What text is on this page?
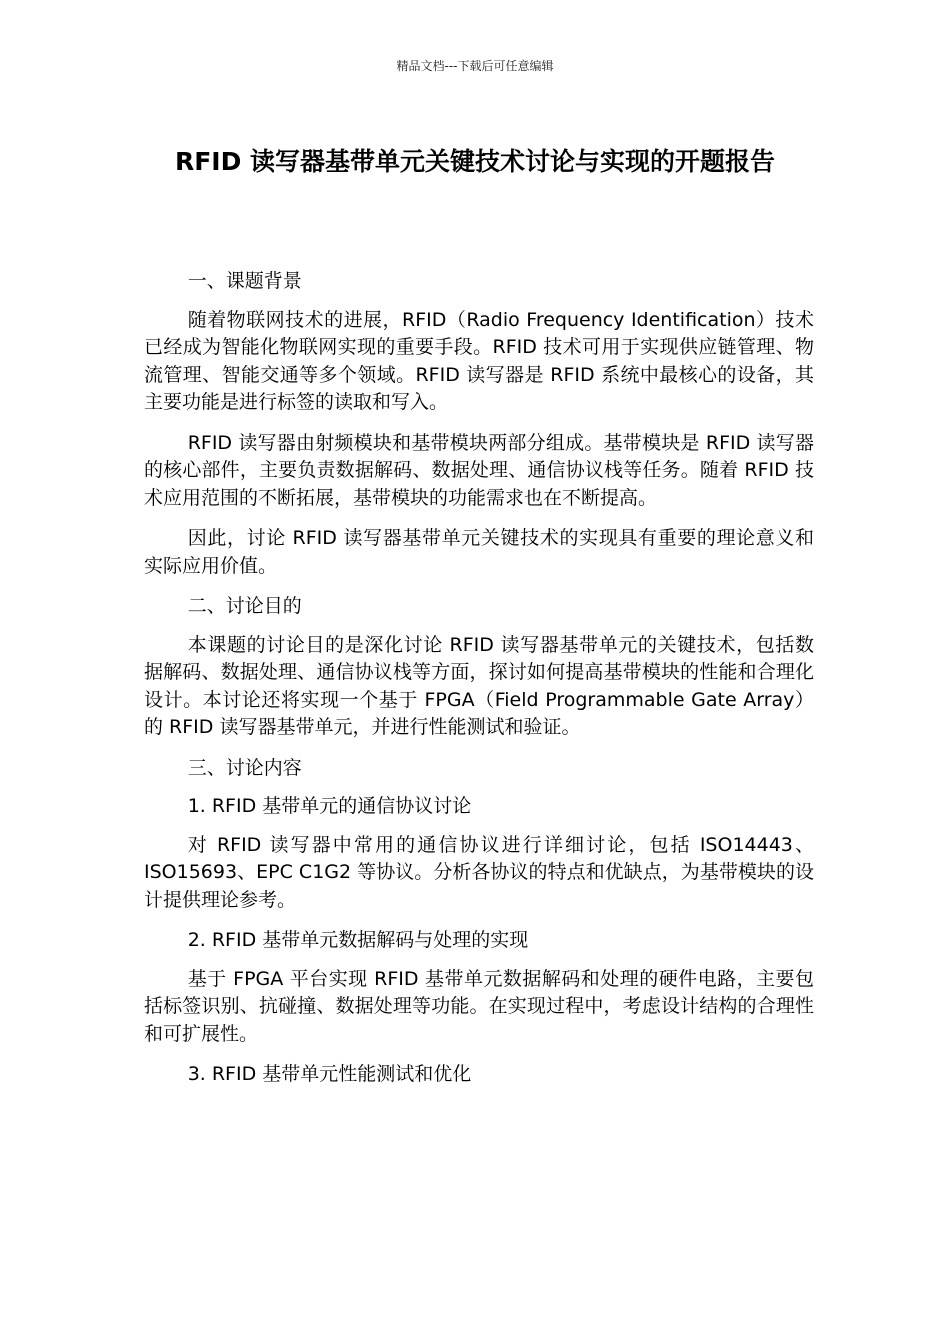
精品文档---下载后可任意编辑
RFID 读写器基带单元关键技术讨论与实现的开题报告

一、课题背景

随着物联网技术的进展，RFID（Radio Frequency Identification）技术已经成为智能化物联网实现的重要手段。RFID 技术可用于实现供应链管理、物流管理、智能交通等多个领域。RFID 读写器是 RFID 系统中最核心的设备，其主要功能是进行标签的读取和写入。

RFID 读写器由射频模块和基带模块两部分组成。基带模块是 RFID 读写器的核心部件，主要负责数据解码、数据处理、通信协议栈等任务。随着 RFID 技术应用范围的不断拓展，基带模块的功能需求也在不断提高。

因此，讨论 RFID 读写器基带单元关键技术的实现具有重要的理论意义和实际应用价值。

二、讨论目的

本课题的讨论目的是深化讨论 RFID 读写器基带单元的关键技术，包括数据解码、数据处理、通信协议栈等方面，探讨如何提高基带模块的性能和合理化设计。本讨论还将实现一个基于 FPGA（Field Programmable Gate Array）的 RFID 读写器基带单元，并进行性能测试和验证。

三、讨论内容

1. RFID 基带单元的通信协议讨论

对 RFID 读写器中常用的通信协议进行详细讨论，包括 ISO14443、ISO15693、EPC C1G2 等协议。分析各协议的特点和优缺点，为基带模块的设计提供理论参考。

2. RFID 基带单元数据解码与处理的实现

基于 FPGA 平台实现 RFID 基带单元数据解码和处理的硬件电路，主要包括标签识别、抗碰撞、数据处理等功能。在实现过程中，考虑设计结构的合理性和可扩展性。

3. RFID 基带单元性能测试和优化
